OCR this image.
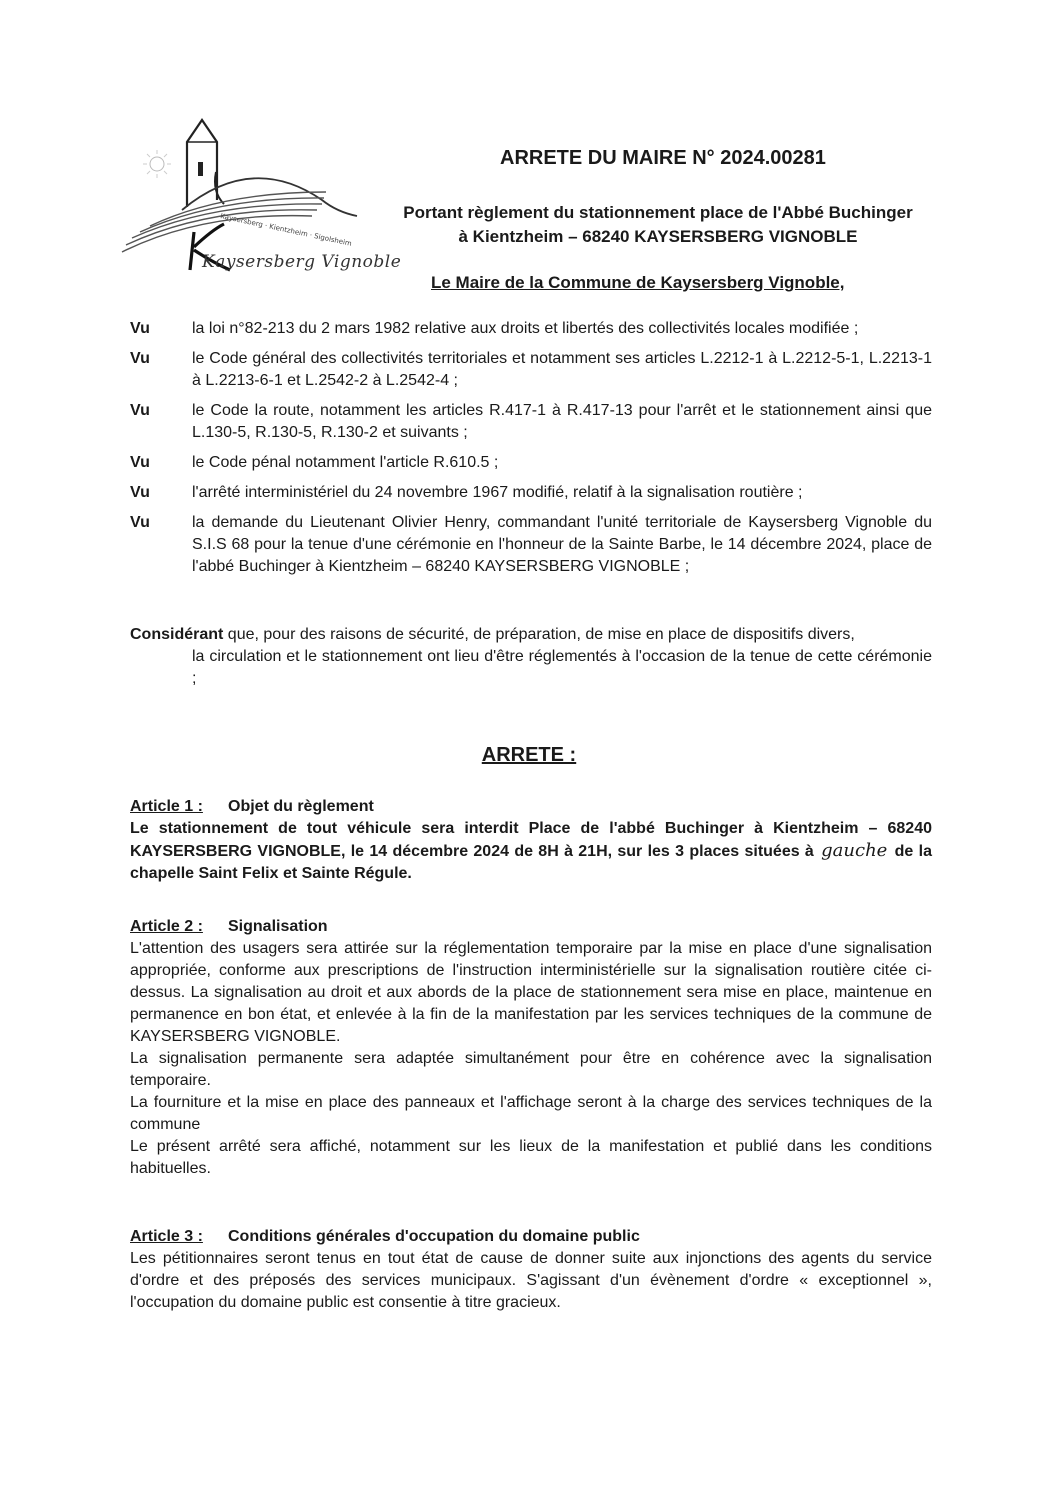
Kaysersberg · Kientzheim · Sigolsheim
Kaysersberg Vignoble
ARRETE DU MAIRE N° 2024.00281
Portant règlement du stationnement place de l'Abbé Buchinger à Kientzheim – 68240 KAYSERSBERG VIGNOBLE
Le Maire de la Commune de Kaysersberg Vignoble,
Vu	la loi n°82-213 du 2 mars 1982 relative aux droits et libertés des collectivités locales modifiée ;
Vu	le Code général des collectivités territoriales et notamment ses articles L.2212-1 à L.2212-5-1, L.2213-1 à L.2213-6-1 et L.2542-2 à L.2542-4 ;
Vu	le Code la route, notamment les articles R.417-1 à R.417-13 pour l'arrêt et le stationnement ainsi que L.130-5, R.130-5, R.130-2 et suivants ;
Vu	le Code pénal notamment l'article R.610.5 ;
Vu	l'arrêté interministériel du 24 novembre 1967 modifié, relatif à la signalisation routière ;
Vu	la demande du Lieutenant Olivier Henry, commandant l'unité territoriale de Kaysersberg Vignoble du S.I.S 68 pour la tenue d'une cérémonie en l'honneur de la Sainte Barbe, le 14 décembre 2024, place de l'abbé Buchinger à Kientzheim – 68240 KAYSERSBERG VIGNOBLE ;
Considérant que, pour des raisons de sécurité, de préparation, de mise en place de dispositifs divers,
la circulation et le stationnement ont lieu d'être réglementés à l'occasion de la tenue de cette cérémonie ;
ARRETE :
Article 1 : Objet du règlement
Le stationnement de tout véhicule sera interdit Place de l'abbé Buchinger à Kientzheim – 68240 KAYSERSBERG VIGNOBLE, le 14 décembre 2024 de 8H à 21H, sur les 3 places situées à gauche de la chapelle Saint Felix et Sainte Régule.
Article 2 : Signalisation
L'attention des usagers sera attirée sur la réglementation temporaire par la mise en place d'une signalisation appropriée, conforme aux prescriptions de l'instruction interministérielle sur la signalisation routière citée ci-dessus. La signalisation au droit et aux abords de la place de stationnement sera mise en place, maintenue en permanence en bon état, et enlevée à la fin de la manifestation par les services techniques de la commune de KAYSERSBERG VIGNOBLE.
La signalisation permanente sera adaptée simultanément pour être en cohérence avec la signalisation temporaire.
La fourniture et la mise en place des panneaux et l'affichage seront à la charge des services techniques de la commune
Le présent arrêté sera affiché, notamment sur les lieux de la manifestation et publié dans les conditions habituelles.
Article 3 : Conditions générales d'occupation du domaine public
Les pétitionnaires seront tenus en tout état de cause de donner suite aux injonctions des agents du service d'ordre et des préposés des services municipaux. S'agissant d'un évènement d'ordre « exceptionnel », l'occupation du domaine public est consentie à titre gracieux.
